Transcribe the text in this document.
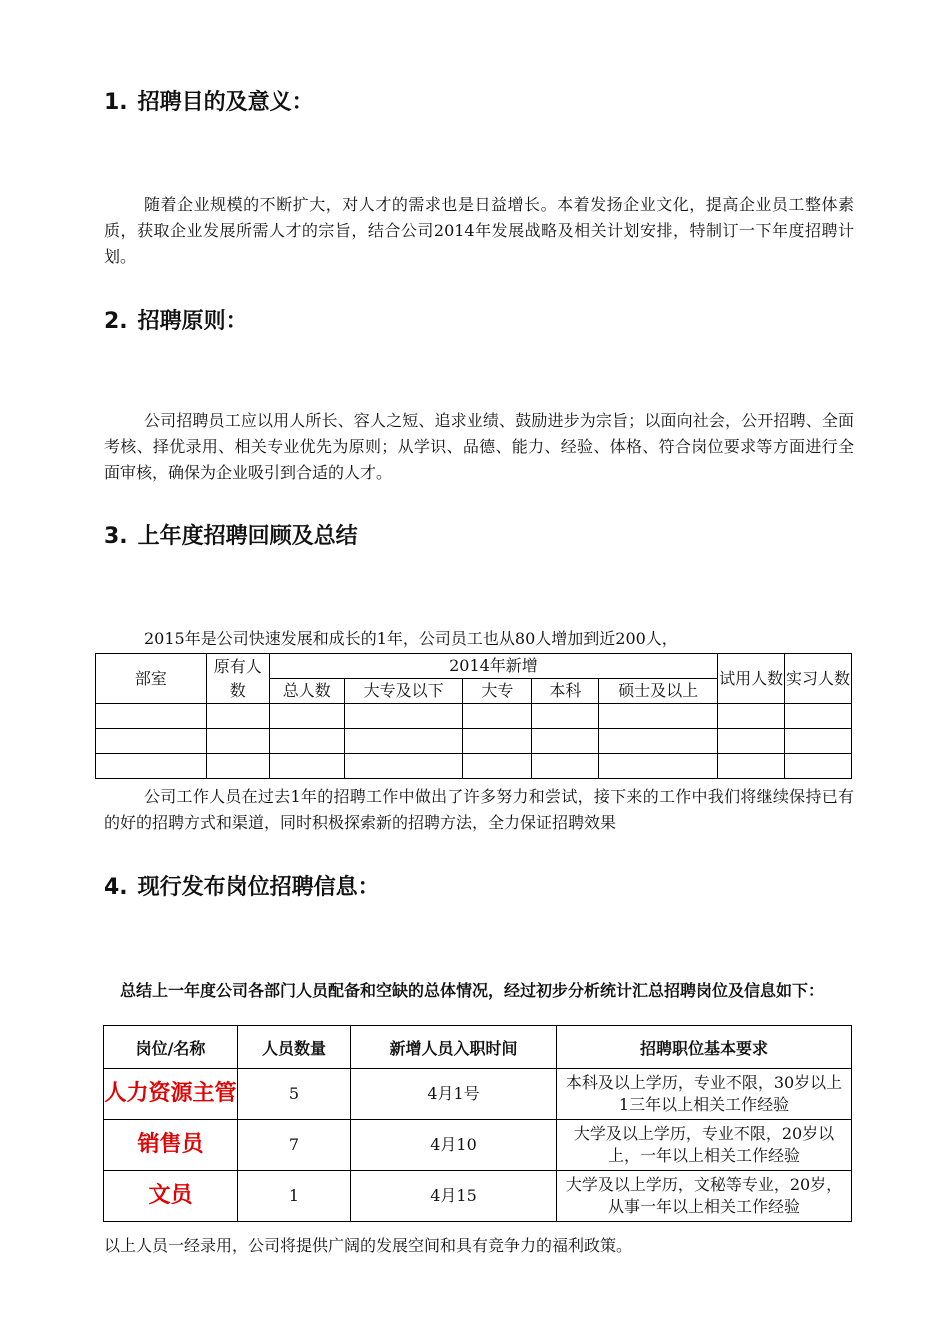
1. 招聘目的及意义：

随着企业规模的不断扩大，对人才的需求也是日益增长。本着发扬企业文化，提高企业员工整体素质，获取企业发展所需人才的宗旨，结合公司2014年发展战略及相关计划安排，特制订一下年度招聘计划。

2. 招聘原则：

公司招聘员工应以用人所长、容人之短、追求业绩、鼓励进步为宗旨；以面向社会，公开招聘、全面考核、择优录用、相关专业优先为原则；从学识、品德、能力、经验、体格、符合岗位要求等方面进行全面审核，确保为企业吸引到合适的人才。

3. 上年度招聘回顾及总结

2015年是公司快速发展和成长的1年，公司员工也从80人增加到近200人，

部室	原有人数	2014年新增					试用人数	实习人数
		总人数	大专及以下	大专	本科	硕士及以上		

公司工作人员在过去1年的招聘工作中做出了许多努力和尝试，接下来的工作中我们将继续保持已有的好的招聘方式和渠道，同时积极探索新的招聘方法，全力保证招聘效果

4. 现行发布岗位招聘信息：

总结上一年度公司各部门人员配备和空缺的总体情况，经过初步分析统计汇总招聘岗位及信息如下：

岗位/名称	人员数量	新增人员入职时间	招聘职位基本要求
人力资源主管	5	4月1号	本科及以上学历，专业不限，30岁以上1三年以上相关工作经验
销售员	7	4月10	大学及以上学历，专业不限，20岁以上，一年以上相关工作经验
文员	1	4月15	大学及以上学历，文秘等专业，20岁，从事一年以上相关工作经验

以上人员一经录用，公司将提供广阔的发展空间和具有竞争力的福利政策。
